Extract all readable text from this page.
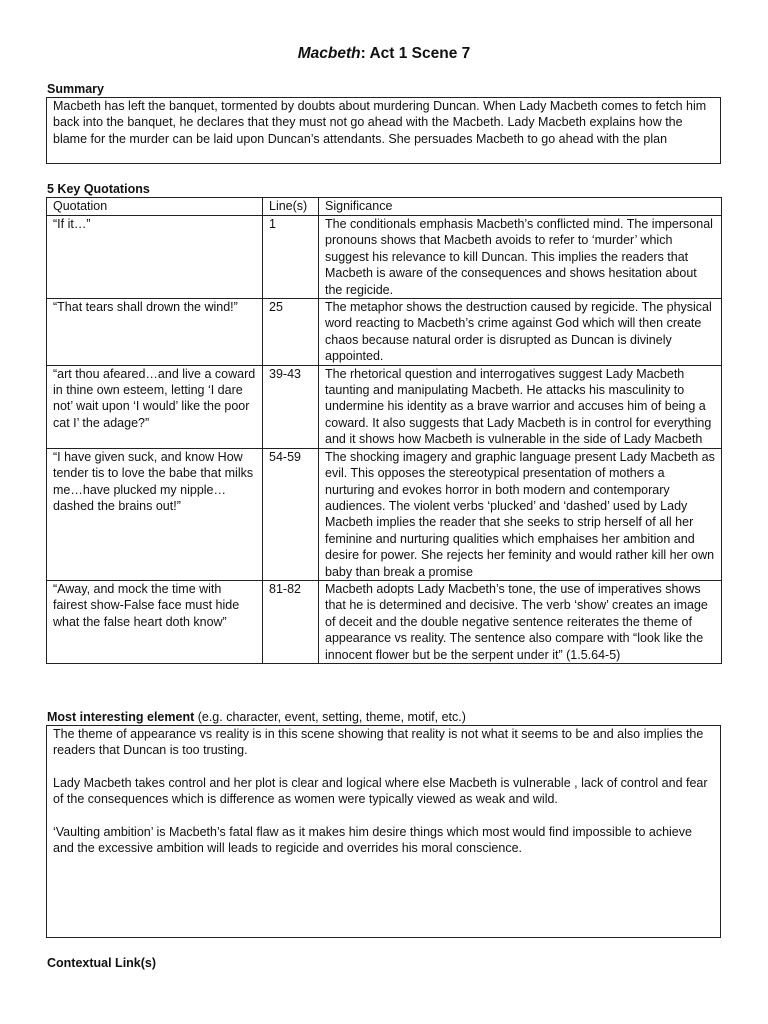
Macbeth: Act 1 Scene 7
Summary
Macbeth has left the banquet, tormented by doubts about murdering Duncan. When Lady Macbeth comes to fetch him back into the banquet, he declares that they must not go ahead with the Macbeth. Lady Macbeth explains how the blame for the murder can be laid upon Duncan’s attendants. She persuades Macbeth to go ahead with the plan
5 Key Quotations
Quotation	Line(s)	Significance
“If it…”	1	The conditionals emphasis Macbeth’s conflicted mind. The impersonal pronouns shows that Macbeth avoids to refer to ‘murder’ which suggest his relevance to kill Duncan. This implies the readers that Macbeth is aware of the consequences and shows hesitation about the regicide.
“That tears shall drown the wind!”	25	The metaphor shows the destruction caused by regicide. The physical word reacting to Macbeth’s crime against God which will then create chaos because natural order is disrupted as Duncan is divinely appointed.
“art thou afeared…and live a coward in thine own esteem, letting ‘I dare not’ wait upon ‘I would’ like the poor cat I’ the adage?”	39-43	The rhetorical question and interrogatives suggest Lady Macbeth taunting and manipulating Macbeth. He attacks his masculinity to undermine his identity as a brave warrior and accuses him of being a coward. It also suggests that Lady Macbeth is in control for everything and it shows how Macbeth is vulnerable in the side of Lady Macbeth
“I have given suck, and know How tender tis to love the babe that milks me…have plucked my nipple…dashed the brains out!”	54-59	The shocking imagery and graphic language present Lady Macbeth as evil. This opposes the stereotypical presentation of mothers a nurturing and evokes horror in both modern and contemporary audiences. The violent verbs ‘plucked’ and ‘dashed’ used by Lady Macbeth implies the reader that she seeks to strip herself of all her feminine and nurturing qualities which emphaises her ambition and desire for power. She rejects her feminity and would rather kill her own baby than break a promise
“Away, and mock the time with fairest show-False face must hide what the false heart doth know”	81-82	Macbeth adopts Lady Macbeth’s tone, the use of imperatives shows that he is determined and decisive. The verb ‘show’ creates an image of deceit and the double negative sentence reiterates the theme of appearance vs reality. The sentence also compare with “look like the innocent flower but be the serpent under it” (1.5.64-5)
Most interesting element (e.g. character, event, setting, theme, motif, etc.)

The theme of appearance vs reality is in this scene showing that reality is not what it seems to be and also implies the readers that Duncan is too trusting.

Lady Macbeth takes control and her plot is clear and logical where else Macbeth is vulnerable , lack of control and fear of the consequences which is difference as women were typically viewed as weak and wild.

‘Vaulting ambition’ is Macbeth’s fatal flaw as it makes him desire things which most would find impossible to achieve and the excessive ambition will leads to regicide and overrides his moral conscience.

Contextual Link(s)
